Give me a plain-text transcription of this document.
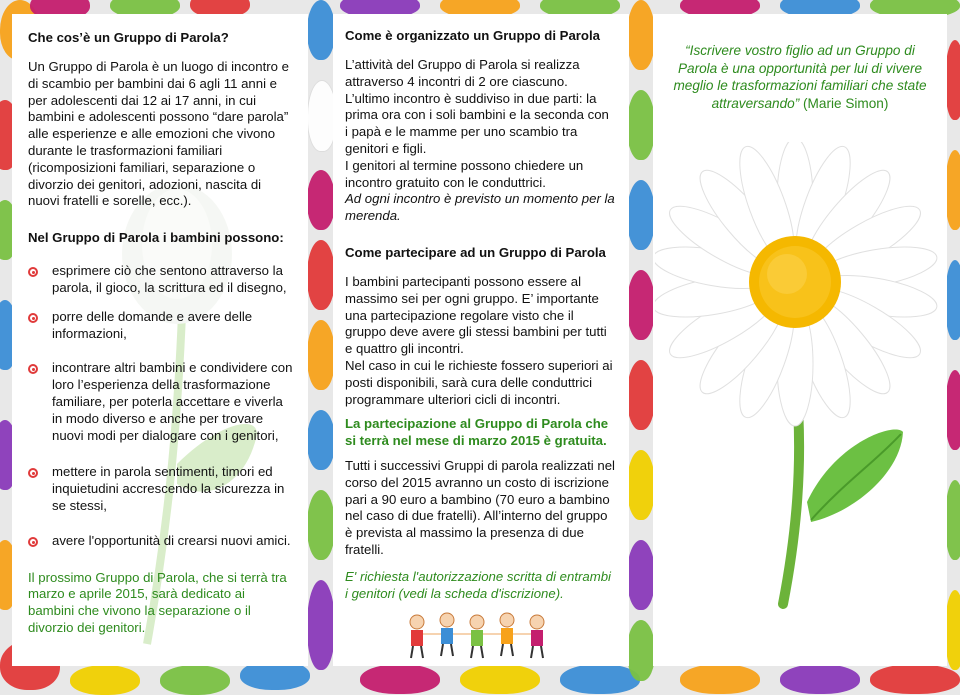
Che cos’è un Gruppo di Parola?

Un Gruppo di Parola è un luogo di incontro e di scambio per bambini dai 6 agli 11 anni e per adolescenti dai 12 ai 17 anni, in cui bambini e adolescenti possono “dare parola” alle esperienze e alle emozioni che vivono durante le trasformazioni familiari (ricomposizioni familiari, separazione o divorzio dei genitori, adozioni, nascita di nuovi fratelli e sorelle, ecc.).

Nel Gruppo di Parola i bambini possono:

esprimere ciò che sentono attraverso la parola, il gioco, la scrittura ed il disegno,
porre delle domande e avere delle informazioni,
incontrare altri bambini e condividere con loro l’esperienza della trasformazione familiare, per poterla accettare e viverla in modo diverso e anche per trovare nuovi modi per dialogare con i genitori,
mettere in parola sentimenti, timori ed inquietudini accrescendo la sicurezza in se stessi,
avere l'opportunità di crearsi nuovi amici.

Il prossimo Gruppo di Parola, che si terrà tra marzo e aprile 2015, sarà dedicato ai bambini che vivono la separazione o il divorzio dei genitori.

Come è organizzato un Gruppo di Parola

L’attività del Gruppo di Parola si realizza attraverso 4 incontri di 2 ore ciascuno.

L’ultimo incontro è suddiviso in due parti: la prima ora con i soli bambini e la seconda con i papà e le mamme per uno scambio tra genitori e figli.

I genitori al termine possono chiedere un incontro gratuito con le conduttrici.

Ad ogni incontro è previsto un momento per la merenda.

Come partecipare ad un Gruppo di Parola

I bambini partecipanti possono essere al massimo sei per ogni gruppo. E’ importante una partecipazione regolare visto che il gruppo deve avere gli stessi bambini per tutti e quattro gli incontri.

Nel caso in cui le richieste fossero superiori ai posti disponibili, sarà cura delle conduttrici programmare ulteriori cicli di incontri.

La partecipazione al Gruppo di Parola che si terrà nel mese di marzo 2015 è gratuita.

Tutti i successivi Gruppi di parola realizzati nel corso del 2015 avranno un costo di iscrizione pari a 90 euro a bambino (70 euro a bambino nel caso di due fratelli). All’interno del gruppo è prevista al massimo la presenza di due fratelli.

E' richiesta l'autorizzazione scritta di entrambi i genitori (vedi la scheda d'iscrizione).

“Iscrivere vostro figlio ad un Gruppo di Parola è una opportunità per lui di vivere meglio le trasformazioni familiari che state attraversando” (Marie Simon)
